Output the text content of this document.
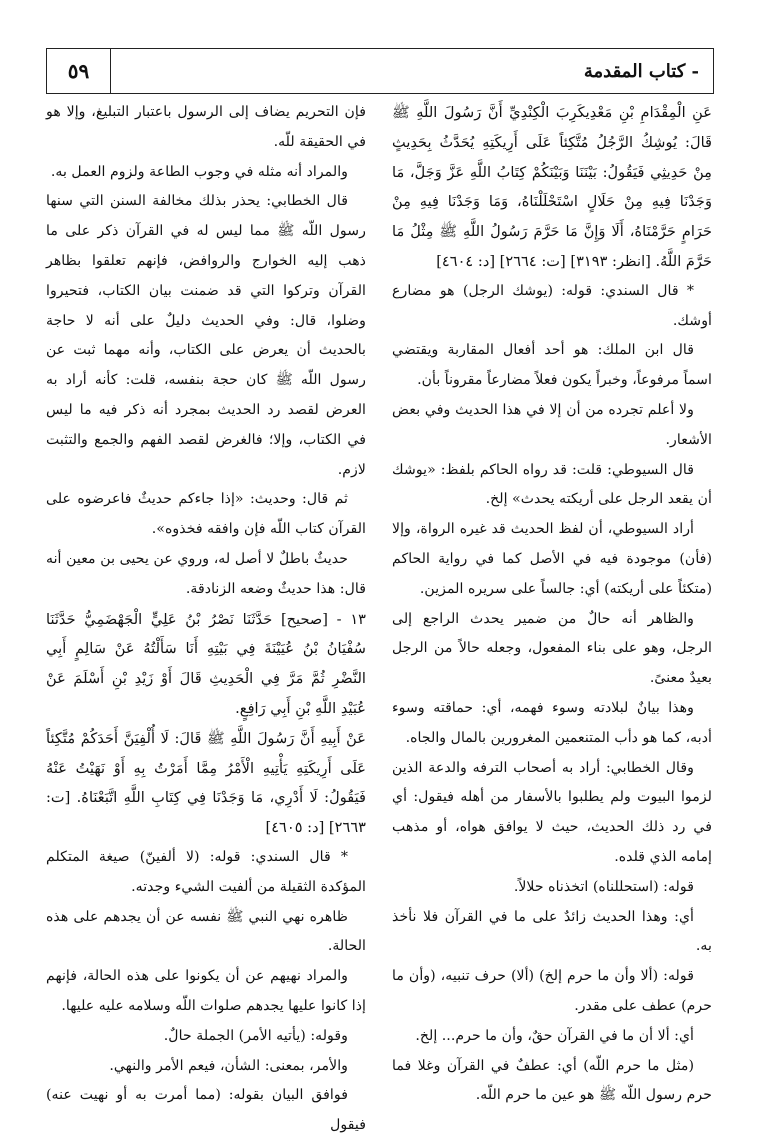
٥٩	- كتاب المقدمة

عَنِ الْمِقْدَامِ بْنِ مَعْدِيكَرِبَ الْكِنْدِيِّ أَنَّ رَسُولَ اللَّهِ ﷺ قَالَ: يُوشِكُ الرَّجُلُ مُتَّكِئاً عَلَى أَرِيكَتِهِ يُحَدَّثُ بِحَدِيثٍ مِنْ حَدِيثِي فَيَقُولُ: بَيْنَنَا وَبَيْنَكُمْ كِتَابُ اللَّهِ عَزَّ وَجَلَّ، مَا وَجَدْنَا فِيهِ مِنْ حَلَالٍ اسْتَحْلَلْنَاهُ، وَمَا وَجَدْنَا فِيهِ مِنْ حَرَامٍ حَرَّمْنَاهُ، أَلَا وَإِنَّ مَا حَرَّمَ رَسُولُ اللَّهِ ﷺ مِثْلُ مَا حَرَّمَ اللَّهُ. [انظر: ٣١٩٣] [ت: ٢٦٦٤] [د: ٤٦٠٤]

* قال السندي: قوله: (يوشك الرجل) هو مضارع أوشك.

قال ابن الملك: هو أحد أفعال المقاربة ويقتضي اسماً مرفوعاً، وخبراً يكون فعلاً مضارعاً مقروناً بأن.

ولا أعلم تجرده من أن إلا في هذا الحديث وفي بعض الأشعار.

قال السيوطي: قلت: قد رواه الحاكم بلفظ: «يوشك أن يقعد الرجل على أريكته يحدث» إلخ.

أراد السيوطي، أن لفظ الحديث قد غيره الرواة، وإلا (فأن) موجودة فيه في الأصل كما في رواية الحاكم (متكئاً على أريكته) أي: جالساً على سريره المزين.

والظاهر أنه حالٌ من ضمير يحدث الراجع إلى الرجل، وهو على بناء المفعول، وجعله حالاً من الرجل بعيدٌ معنىً.

وهذا بيانٌ لبلادته وسوء فهمه، أي: حماقته وسوء أدبه، كما هو دأب المتنعمين المغرورين بالمال والجاه.

وقال الخطابي: أراد به أصحاب الترفه والدعة الذين لزموا البيوت ولم يطلبوا بالأسفار من أهله فيقول: أي في رد ذلك الحديث، حيث لا يوافق هواه، أو مذهب إمامه الذي قلده.

قوله: (استحللناه) اتخذناه حلالاً.

أي: وهذا الحديث زائدٌ على ما في القرآن فلا نأخذ به.

قوله: (ألا وأن ما حرم إلخ) (ألا) حرف تنبيه، (وأن ما حرم) عطف على مقدر.

أي: ألا أن ما في القرآن حقٌ، وأن ما حرم... إلخ.

(مثل ما حرم اللّه) أي: عطفٌ في القرآن وغلا فما حرم رسول اللّه ﷺ هو عين ما حرم اللّه.

فإن التحريم يضاف إلى الرسول باعتبار التبليغ، وإلا هو في الحقيقة للّه.

والمراد أنه مثله في وجوب الطاعة ولزوم العمل به.

قال الخطابي: يحذر بذلك مخالفة السنن التي سنها رسول اللّه ﷺ مما ليس له في القرآن ذكر على ما ذهب إليه الخوارج والروافض، فإنهم تعلقوا بظاهر القرآن وتركوا التي قد ضمنت بيان الكتاب، فتحيروا وضلوا، قال: وفي الحديث دليلٌ على أنه لا حاجة بالحديث أن يعرض على الكتاب، وأنه مهما ثبت عن رسول اللّه ﷺ كان حجة بنفسه، قلت: كأنه أراد به العرض لقصد رد الحديث بمجرد أنه ذكر فيه ما ليس في الكتاب، وإلا؛ فالغرض لقصد الفهم والجمع والتثبت لازم.

ثم قال: وحديث: «إذا جاءكم حديثٌ فاعرضوه على القرآن كتاب اللّه فإن وافقه فخذوه».

حديثٌ باطلٌ لا أصل له، وروي عن يحيى بن معين أنه قال: هذا حديثٌ وضعه الزنادقة.

١٣ - [صحيح] حَدَّثَنَا نَصْرُ بْنُ عَلِيٍّ الْجَهْضَمِيُّ حَدَّثَنَا سُفْيَانُ بْنُ عُيَيْنَةَ فِي بَيْتِهِ أَنَا سَأَلْتُهُ عَنْ سَالِمٍ أَبِي النَّضْرِ ثُمَّ مَرَّ فِي الْحَدِيثِ قَالَ أَوْ زَيْدِ بْنِ أَسْلَمَ عَنْ عُبَيْدِ اللَّهِ بْنِ أَبِي رَافِعٍ.

عَنْ أَبِيهِ أَنَّ رَسُولَ اللَّهِ ﷺ قَالَ: لَا أُلْفِيَنَّ أَحَدَكُمْ مُتَّكِئاً عَلَى أَرِيكَتِهِ يَأْتِيهِ الْأَمْرُ مِمَّا أَمَرْتُ بِهِ أَوْ نَهَيْتُ عَنْهُ فَيَقُولُ: لَا أَدْرِي، مَا وَجَدْنَا فِي كِتَابِ اللَّهِ اتَّبَعْنَاهُ. [ت: ٢٦٦٣] [د: ٤٦٠٥]

* قال السندي: قوله: (لا ألفينّ) صيغة المتكلم المؤكدة الثقيلة من ألفيت الشيء وجدته.

ظاهره نهي النبي ﷺ نفسه عن أن يجدهم على هذه الحالة.

والمراد نهيهم عن أن يكونوا على هذه الحالة، فإنهم إذا كانوا عليها يجدهم صلوات اللّه وسلامه عليه عليها.

وقوله: (يأتيه الأمر) الجملة حالٌ.

والأمر، بمعنى: الشأن، فيعم الأمر والنهي.

فوافق البيان بقوله: (مما أمرت به أو نهيت عنه) فيقول
